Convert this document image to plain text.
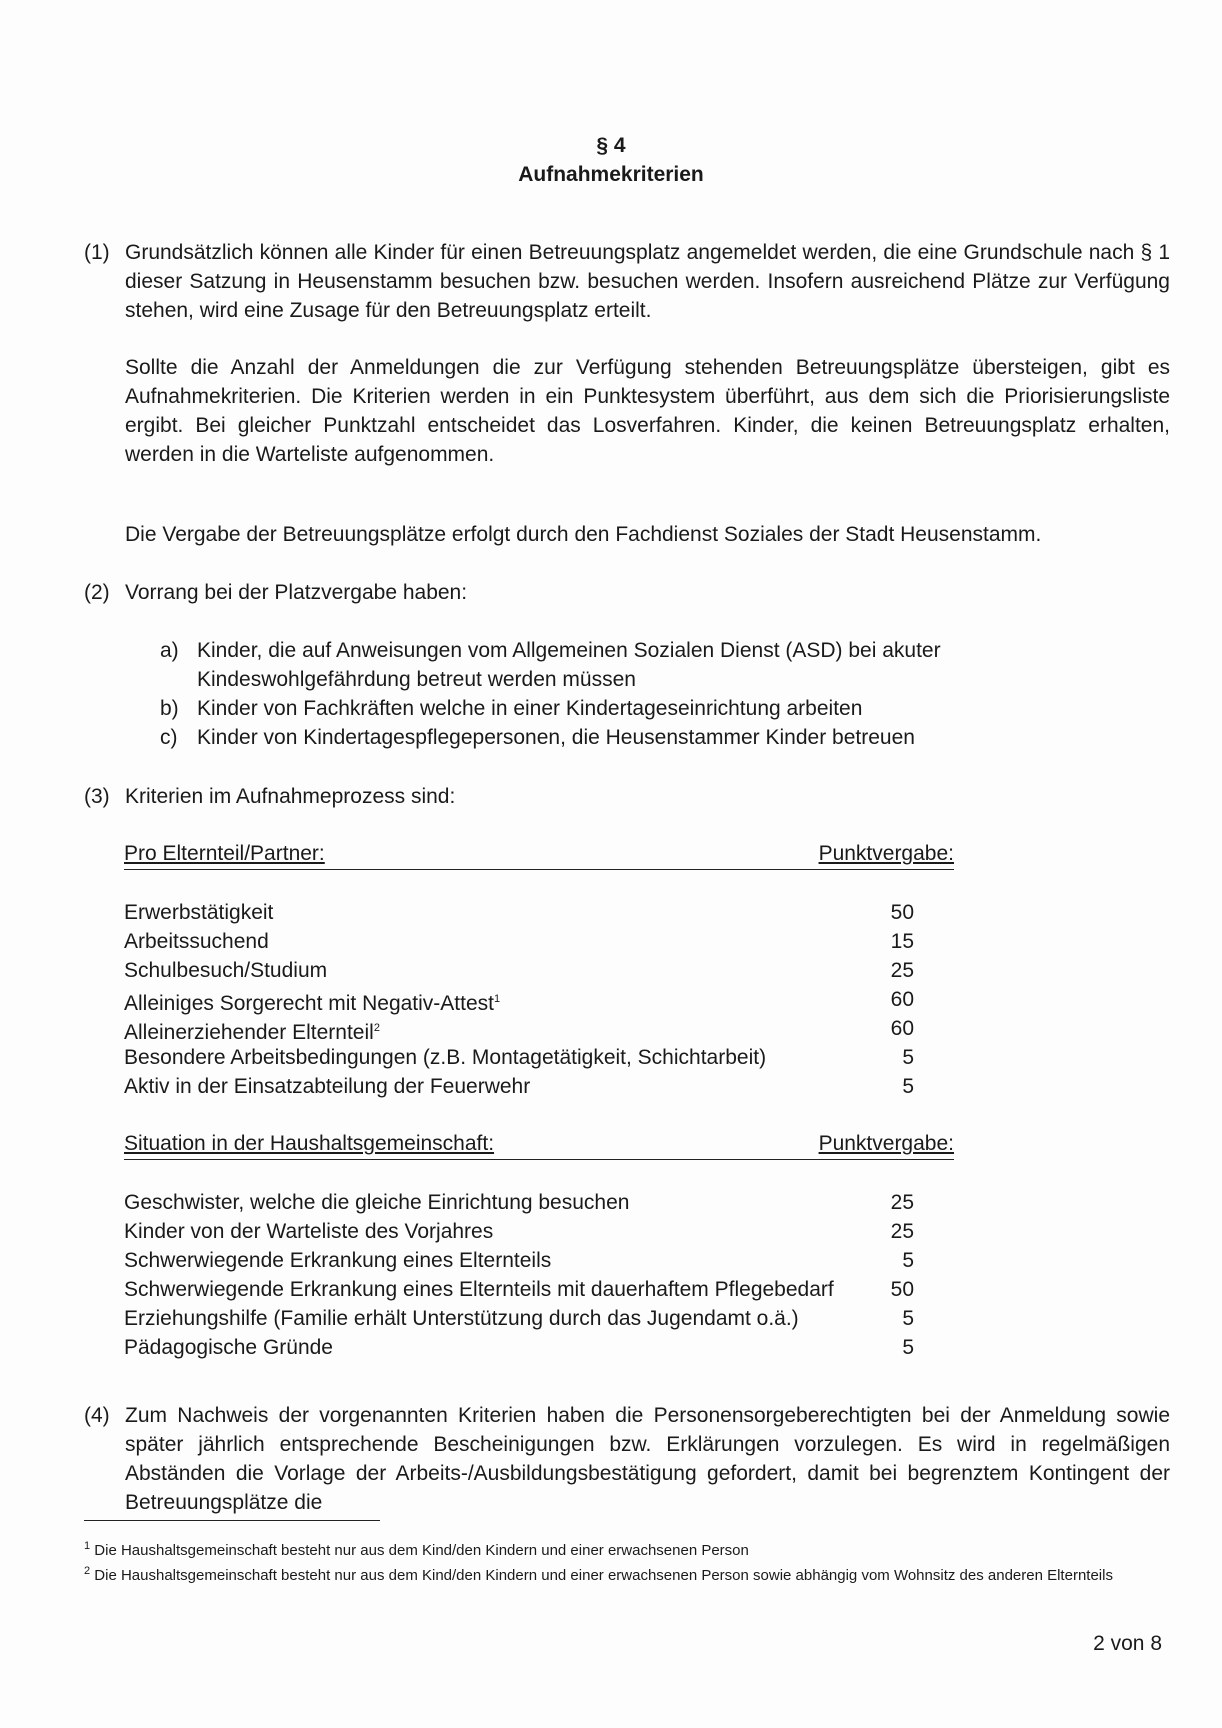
§ 4
Aufnahmekriterien
(1) Grundsätzlich können alle Kinder für einen Betreuungsplatz angemeldet werden, die eine Grundschule nach § 1 dieser Satzung in Heusenstamm besuchen bzw. besuchen werden. Insofern ausreichend Plätze zur Verfügung stehen, wird eine Zusage für den Betreuungsplatz erteilt.
Sollte die Anzahl der Anmeldungen die zur Verfügung stehenden Betreuungsplätze übersteigen, gibt es Aufnahmekriterien. Die Kriterien werden in ein Punktesystem überführt, aus dem sich die Priorisierungsliste ergibt. Bei gleicher Punktzahl entscheidet das Losverfahren. Kinder, die keinen Betreuungsplatz erhalten, werden in die Warteliste aufgenommen.
Die Vergabe der Betreuungsplätze erfolgt durch den Fachdienst Soziales der Stadt Heusenstamm.
(2) Vorrang bei der Platzvergabe haben:
a) Kinder, die auf Anweisungen vom Allgemeinen Sozialen Dienst (ASD) bei akuter Kindeswohlgefährdung betreut werden müssen
b) Kinder von Fachkräften welche in einer Kindertageseinrichtung arbeiten
c) Kinder von Kindertagespflegepersonen, die Heusenstammer Kinder betreuen
(3) Kriterien im Aufnahmeprozess sind:
Pro Elternteil/Partner:	Punktvergabe:
Erwerbstätigkeit	50
Arbeitssuchend	15
Schulbesuch/Studium	25
Alleiniges Sorgerecht mit Negativ-Attest$^1$	60
Alleinerziehender Elternteil$^2$	60
Besondere Arbeitsbedingungen (z.B. Montagetätigkeit, Schichtarbeit)	5
Aktiv in der Einsatzabteilung der Feuerwehr	5
Situation in der Haushaltsgemeinschaft:	Punktvergabe:
Geschwister, welche die gleiche Einrichtung besuchen	25
Kinder von der Warteliste des Vorjahres	25
Schwerwiegende Erkrankung eines Elternteils	5
Schwerwiegende Erkrankung eines Elternteils mit dauerhaftem Pflegebedarf	50
Erziehungshilfe (Familie erhält Unterstützung durch das Jugendamt o.ä.)	5
Pädagogische Gründe	5
(4) Zum Nachweis der vorgenannten Kriterien haben die Personensorgeberechtigten bei der Anmeldung sowie später jährlich entsprechende Bescheinigungen bzw. Erklärungen vorzulegen. Es wird in regelmäßigen Abständen die Vorlage der Arbeits-/Ausbildungsbestätigung gefordert, damit bei begrenztem Kontingent der Betreuungsplätze die
$^1$ Die Haushaltsgemeinschaft besteht nur aus dem Kind/den Kindern und einer erwachsenen Person
$^2$ Die Haushaltsgemeinschaft besteht nur aus dem Kind/den Kindern und einer erwachsenen Person sowie abhängig vom Wohnsitz des anderen Elternteils
2 von 8
